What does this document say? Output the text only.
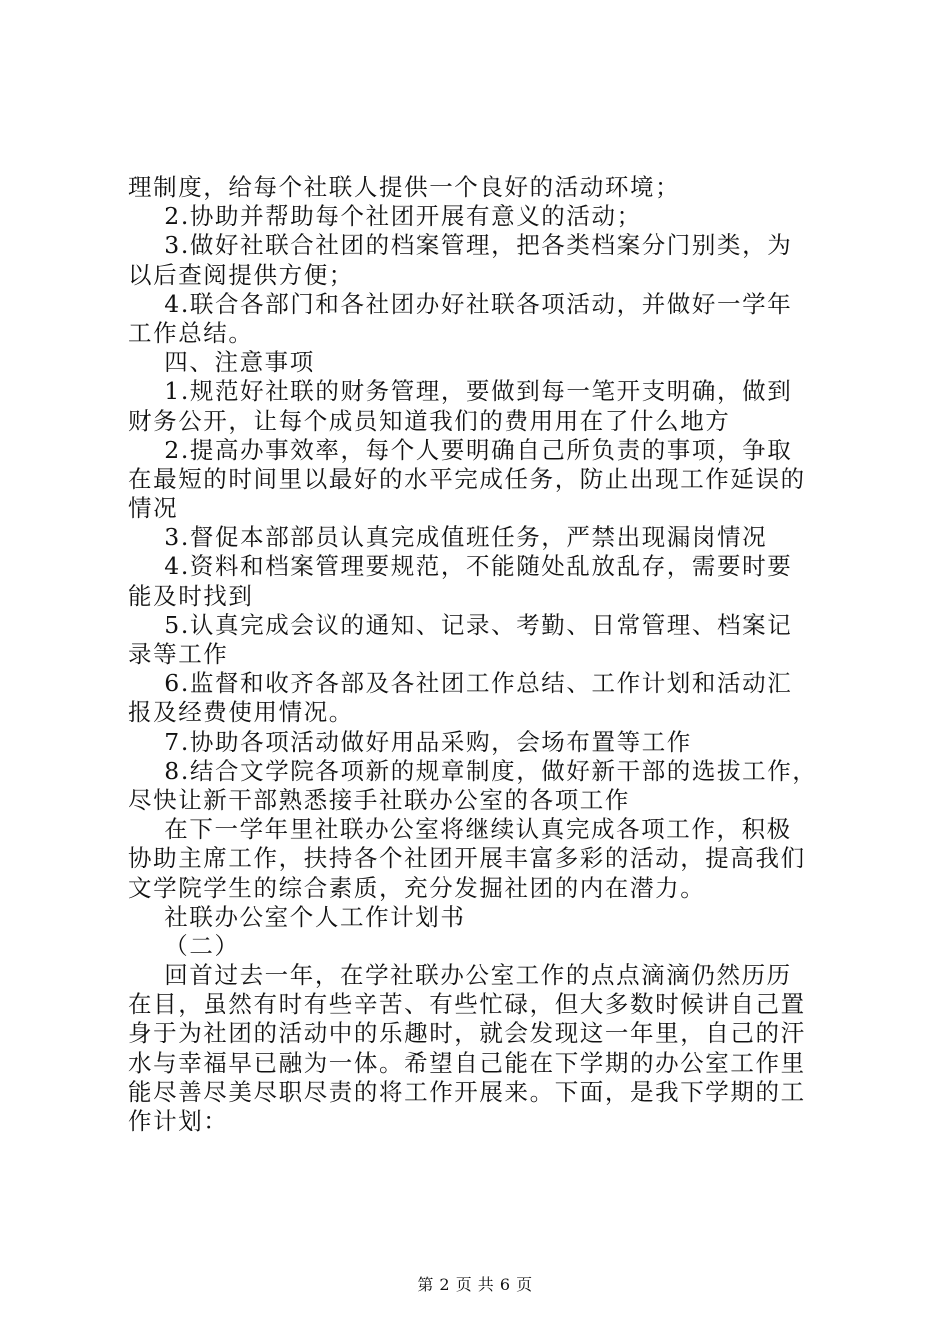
理制度，给每个社联人提供一个良好的活动环境；
2.协助并帮助每个社团开展有意义的活动；
3.做好社联合社团的档案管理，把各类档案分门别类，为
以后查阅提供方便；
4.联合各部门和各社团办好社联各项活动，并做好一学年
工作总结。
四、注意事项
1.规范好社联的财务管理，要做到每一笔开支明确，做到
财务公开，让每个成员知道我们的费用用在了什么地方
2.提高办事效率，每个人要明确自己所负责的事项，争取
在最短的时间里以最好的水平完成任务，防止出现工作延误的
情况
3.督促本部部员认真完成值班任务，严禁出现漏岗情况
4.资料和档案管理要规范，不能随处乱放乱存，需要时要
能及时找到
5.认真完成会议的通知、记录、考勤、日常管理、档案记
录等工作
6.监督和收齐各部及各社团工作总结、工作计划和活动汇
报及经费使用情况。
7.协助各项活动做好用品采购，会场布置等工作
8.结合文学院各项新的规章制度，做好新干部的选拔工作，
尽快让新干部熟悉接手社联办公室的各项工作
在下一学年里社联办公室将继续认真完成各项工作，积极
协助主席工作，扶持各个社团开展丰富多彩的活动，提高我们
文学院学生的综合素质，充分发掘社团的内在潜力。
社联办公室个人工作计划书
（二）
回首过去一年，在学社联办公室工作的点点滴滴仍然历历
在目，虽然有时有些辛苦、有些忙碌，但大多数时候讲自己置
身于为社团的活动中的乐趣时，就会发现这一年里，自己的汗
水与幸福早已融为一体。希望自己能在下学期的办公室工作里
能尽善尽美尽职尽责的将工作开展来。下面，是我下学期的工
作计划：
第 2 页 共 6 页
